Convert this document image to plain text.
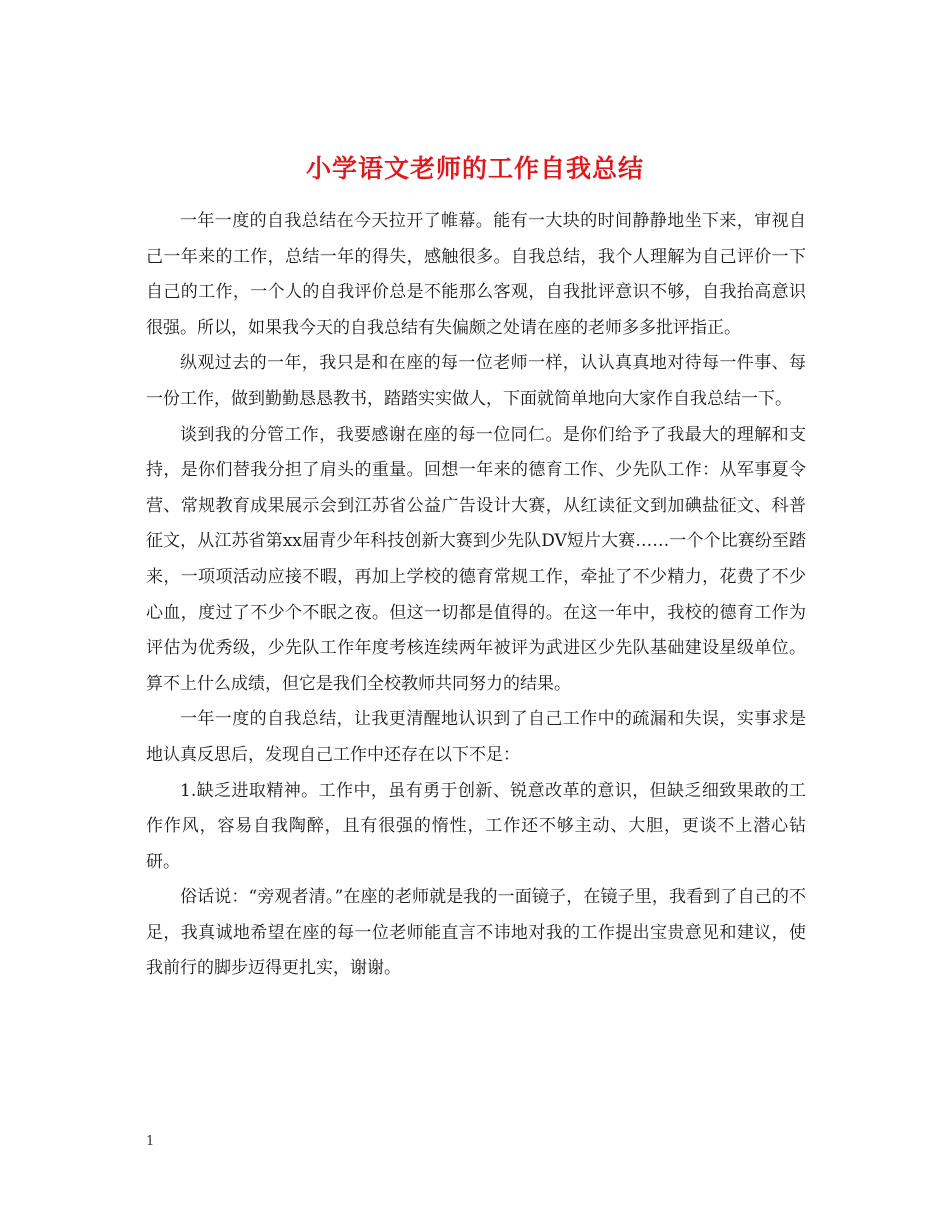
小学语文老师的工作自我总结

一年一度的自我总结在今天拉开了帷幕。能有一大块的时间静静地坐下来，审视自己一年来的工作，总结一年的得失，感触很多。自我总结，我个人理解为自己评价一下自己的工作，一个人的自我评价总是不能那么客观，自我批评意识不够，自我抬高意识很强。所以，如果我今天的自我总结有失偏颇之处请在座的老师多多批评指正。

纵观过去的一年，我只是和在座的每一位老师一样，认认真真地对待每一件事、每一份工作，做到勤勤恳恳教书，踏踏实实做人，下面就简单地向大家作自我总结一下。

谈到我的分管工作，我要感谢在座的每一位同仁。是你们给予了我最大的理解和支持，是你们替我分担了肩头的重量。回想一年来的德育工作、少先队工作：从军事夏令营、常规教育成果展示会到江苏省公益广告设计大赛，从红读征文到加碘盐征文、科普征文，从江苏省第xx届青少年科技创新大赛到少先队DV短片大赛……一个个比赛纷至踏来，一项项活动应接不暇，再加上学校的德育常规工作，牵扯了不少精力，花费了不少心血，度过了不少个不眠之夜。但这一切都是值得的。在这一年中，我校的德育工作为评估为优秀级，少先队工作年度考核连续两年被评为武进区少先队基础建设星级单位。算不上什么成绩，但它是我们全校教师共同努力的结果。

一年一度的自我总结，让我更清醒地认识到了自己工作中的疏漏和失误，实事求是地认真反思后，发现自己工作中还存在以下不足：

1.缺乏进取精神。工作中，虽有勇于创新、锐意改革的意识，但缺乏细致果敢的工作作风，容易自我陶醉，且有很强的惰性，工作还不够主动、大胆，更谈不上潜心钻研。

俗话说：“旁观者清。”在座的老师就是我的一面镜子，在镜子里，我看到了自己的不足，我真诚地希望在座的每一位老师能直言不讳地对我的工作提出宝贵意见和建议，使我前行的脚步迈得更扎实，谢谢。

1
